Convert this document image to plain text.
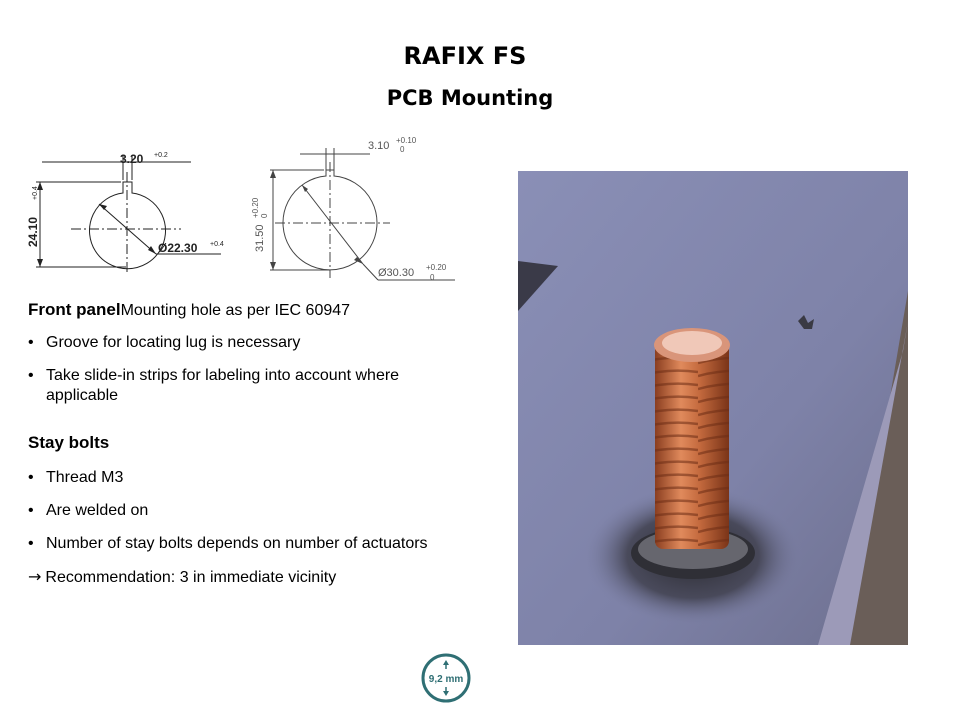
RAFIX FS
PCB Mounting
3.20 +0.2
24.10
+0.4
Ø22.30 +0.4
3.10 +0.10
0
31.50
+0.20 0
Ø30.30 +0.20
0

Front panelMounting hole as per IEC 60947

• Groove for locating lug is necessary
• Take slide-in strips for labeling into account where applicable

Stay bolts

• Thread M3
• Are welded on
• Number of stay bolts depends on number of actuators

→ Recommendation: 3 in immediate vicinity

9,2 mm
